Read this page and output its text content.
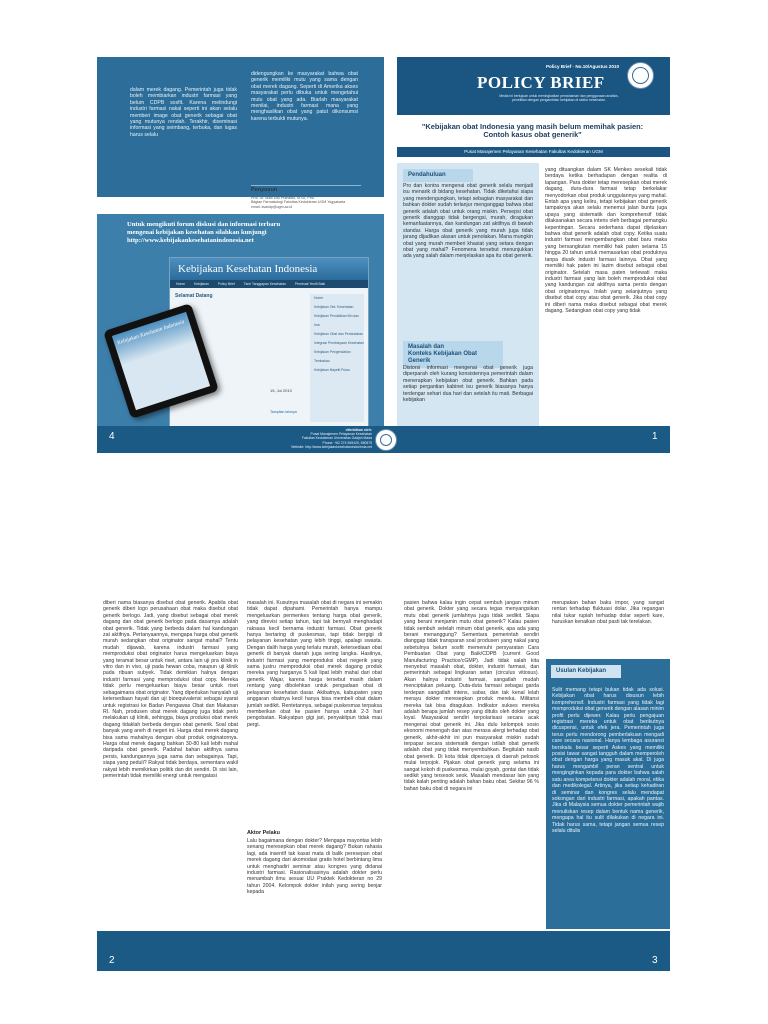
dalam merek dagang. Pemerintah juga tidak boleh membiarkan industri farmasi yang belum CDPB sosfit. Karena melindungi industri farmasi nakal seperti ini akan selalu memberi image obat generik sebagai obat yang mutunya rendah. Terakhir, diseminasi informasi yang seimbang, terbuka, dan lugas harus selalu
didengungkan ke masyarakat bahwa obat generik memiliki mutu yang sama dengan obat merek dagang. Seperti di Amerika akses masyarakat perlu dibuka untuk mengetahui mutu obat yang ada. Biarlah masyarakat menilai, industri farmasi mana yang menghasilkan obat yang patut dikonsumsi karena terbukti mutunya.
Penyusun
Prof. Dr. Iwan Dwi Prahasto, M.Sc, PhD
Bagian Farmakologi Fakultas Kedokteran UGM Yogyakarta
email: iwandp@ugm.ac.id
Untuk mengikuti forum diskusi dan informasi terbaru
mengenai kebijakan kesehatan silahkan kunjungi
http://www.kebijakankesehatanindonesia.net
Kebijakan Kesehatan Indonesia
Home	Kebijakan	Policy Brief	Tanri Tanggapan Kesehatan	Pembuat Yeniti Baik
Selamat Datang	Home
Kebijakan Obt. Kesehatan
Kebijakan Pendidikan Bin dan Ima
Kebijakan Obat dan Perlandatan
Integrasi Pembiayaan Kesehatan
Kebijakan Pengendalian Tembakau
Kebijakan Bapelit Pulau
15, Jul 2010
Tampilan lainnya
Kebijakan Kesehatan Indonesia
Policy Brief · No.10/Agustus 2010
POLICY BRIEF
Media ini bertujuan untuk meningkatkan pemahaman dan penggunaan analisis,
penelitian dengan pengambilan kebijakan di sektor kesehatan.
"Kebijakan obat Indonesia yang masih belum memihak pasien:
Contoh kasus obat generik"
Pusat Manajemen Pelayanan Kesehatan Fakultas Kedokteran UGM
Pendahuluan
Pro dan kontra mengenai obat generik selalu menjadi isu menarik di bidang kesehatan. Tidak diketahui siapa yang mendengungkan, tetapi sebagian masyarakat dan bahkan dokter sudah terlanjur menganggap bahwa obat generik adalah obat untuk orang miskin. Persepsi obat generik dianggap tidak bergengsi, murah, diragukan kemanfaatannya, dan kandungan zat aktifnya di bawah standar. Harga obat generik yang murah juga tidak jarang dijadikan alasan untuk penolakan. Mana mungkin obat yang murah memberi khasiat yang setara dengan obat yang mahal? Fenomena tersebut menunjukkan ada yang salah dalam menjelaskan apa itu obat generik.
Masalah dan
Konteks Kebijakan Obat Generik
Distorsi informasi mengenai obat generik juga diperparah oleh kurang konsistennya pemerintah dalam menerapkan kebijakan obat generik. Bahkan pada setiap pergantian kabinet isu generik biasanya hanya terdengar sehari dua hari dan setelah itu mati. Berbagai kebijakan
yang dituangkan dalam SK Menkes sesekali tidak berdaya ketika berhadapan dengan realita di lapangan. Para dokter tetap meresepkan obat merek dagang, dura-dura farmasi tetap berkelakar menyodorkan obat produk unggulannya yang mahal. Entah apa yang keliru, tetapi kebijakan obat generik tampaknya akan selalu menemui jalan buntu juga upaya yang sistematik dan komprehensif tidak dilaksanakan secara intens oleh berbagai pemangku kepentingan. Secara sederhana dapat dijelaskan bahwa obat generik adalah obat copy. Ketika suatu industri farmasi mengembangkan obat baru maka yang bersangkutan memiliki hak paten selama 15 hingga 20 tahun untuk memasarkan obat produknya tanpa diusik industri farmasi lainnya. Obat yang memiliki hak paten ini lazim disebut sebagai obat originator. Setelah masa paten terlewati maka industri farmasi yang lain boleh memproduksi obat yang kandungan zat aktifnya sama persis dengan obat originatornya. Inilah yang selanjutnya yang disebut obat copy atau obat generik. Jika obat copy ini diberi nama maka disebut sebagai obat merek dagang. Sedangkan obat copy yang tidak
4	1
diterbitkan oleh:
Pusat Manajemen Pelayanan Kesehatan
Fakultas Kedokteran Universitas Gadjah Mada
Phone: +62 274 549425, 580575
Website: http://www.kebijakankesehatanindonesia.net
diberi nama biasanya disebut obat generik. Apabila obat generik diberi logo perusahaan obat maka disebut obat generik berlogo. Jadi, yang disebut sebagai obat merek dagang dan obat generik berlogo pada dasarnya adalah obat generik. Tidak yang berbeda dalam hal kandungan zat aktifnya. Pertanyaannya, mengapa harga obat generik murah sedangkan obat originator sangat mahal? Tentu mudah dijawab, karena industri farmasi yang memproduksi obat originator harus mengeluarkan biaya yang teramat besar untuk riset, antara lain uji pra klinik in vitro dan in vivo, uji pada hewan coba, maupun uji klinik pada ribuan subyek. Tidak demikian halnya dengan industri farmasi yang memproduksi obat copy. Mereka tidak perlu mengeluarkan biaya besar untuk riset sebagaimana obat originator. Yang diperlukan hanyalah uji ketersediaan hayati dan uji bioequivalensi sebagai syarat untuk registrasi ke Badan Pengawas Obat dan Makanan RI. Nah, produsen obat merek dagang juga tidak perlu melakukan uji klinik, sehingga, biaya produksi obat merek dagang tidaklah berbeda dengan obat generik. Soal obat banyak yang aneh di negeri ini. Harga obat merek dagang bisa sama mahalnya dengan obat produk originatornya. Harga obat merek dagang bahkan 30-80 kali lebih mahal daripada obat generik. Padahal bahan aktifnya sama persis, kandungannya juga sama dan sebagainya. Tapi, siapa yang peduli? Rakyat tidak berdaya, sementara wakil rakyat lebih memikirkan politik dan diri sendiri. Di sisi lain, pemerintah tidak memiliki energi untuk mengatasi
masalah ini. Kusutnya masalah obat di negara ini semakin tidak dapat dipahami. Pemerintah hanya mampu mengeluarkan permenkes tentang harga obat generik, yang direvisi setiap tahun, tapi tak bernyali menghadapi raksasa kecil bernama industri farmasi. Obat generik hanya bertaring di puskesmas, tapi tidak bergigi di pelayanan kesehatan yang lebih tinggi, apalagi swasta. Dengan dalih harga yang terlalu murah, ketersediaan obat generik di banyak daerah juga sering langka. Hasilnya, industri farmasi yang memproduksi obat negerik yang sama justru memproduksi obat merek dagang produk mereka yang harganya 5 kali lipat lebih mahal dari obat generik. Wajar, karena harga tersebut masih dalam rentang yang dibolehkan untuk pengadaan obat di pelayanan kesehatan dasar. Akibatnya, kabupaten yang anggaran obatnya kecil hanya bisa membeli obat dalam jumlah sedikit. Rentetannya, sebagai puskesmas terpaksa memberikan obat ke pasien hanya untuk 2-3 hari pengobatan. Rakyatpun gigi jari, penyakitpun tidak mau pergi.
Aktor Pelaku
Lalu bagaimana dengan dokter? Mengapa mayoritas lebih senang meresepkan obat merek dagang? Bukan rahasia lagi, ada insentif tak kasat mata di balik peresepan obat merek dagang dari akomodasi gratis hotel berbintang lima untuk menghadiri seminar atau kongres yang didanai industri farmasi. Rasionalisasinya adalah dokter perlu menambah ilmu sesuai UU Praktek Kedokteran no 29 tahun 2004. Kelompok dokter inilah yang sering benjar kepada
pasien bahwa kalau ingin cepat sembuh jangan minum obat generik. Dokter yang secara tegas menyangsikan mutu obat generik jumlahnya juga tidak sedikit. Siapa yang berani menjamin mutu obat generik? Kalau pasien tidak sembuh setelah minum obat generik, apa ada yang berani menanggung? Sementara pemerintah sendiri dianggap tidak transparan soal produsen yang nakal yang sebetulnya belum sosfit memenuhi persyaratan Cara Pembuatan Obat yang Baik/CDPB (current Good Manufacturing Practice/cGMP). Jadi tidak salah kita menyebut masalah obat, dokter, industri farmasi, dan pemerintah sebagai lingkaran setan (circulus vitiosus). Akan halnya industri farmasi, sangatlah mudah menciptakan peluang. Duta-duta farmasi sebagai garda terdepan sangatlah intens, sabar, dan tak kenal lelah merayu dokter meresepkan produk mereka. Militansi mereka tak bisa diragukan. Indikator sukses mereka adalah berapa jumlah resep yang ditulis oleh dokter yang loyal. Masyarakat sendiri terpolarisasi secara acak mengenai obat generik ini. Jika dulu kelompok sosio ekonomi menengah dan atas merasa alergi terhadap obat generik, akhir-akhir ini pun masyarakat miskin sudah terpapar secara sistematik dengan istilah obat generik adalah obat yang tidak menyembuhkan. Begitulah nasib obat generik. Di kota tidak dipercaya di daerah pelosok mulai terpojok. Pijakan obat generik yang selama ini sangat kokoh di puskesmas, mulai goyah, gontai dan tidak sedikit yang tersesok seok. Masalah mendasar lain yang tidak kalah penting adalah bahan baku obat. Sekitar 96 % bahan baku obat di negara ini
merupakan bahan baku impor, yang sangat rentan terhadap fluktuasi dolar. Jika regangan nilai tukar rupiah terhadap dolar seperti kare, haruskan kenaikan obat pasti tak terelakan.
Usulan Kebijakan
Sulit memang tetapi bukan tidak ada solusi. Kebijakan obat harus disusun lebih komprehensif. Industri farmasi yang tidak lagi memproduksi obat generik dengan alasan minim profit perlu dijewer. Kalau perlu pengajuan registrasi mereka untuk obat berikutnya dicuspensi, untuk efek jera. Pemerintah juga terus perlu mendorong pemberlakuan mengadi care secara nasional. Hanya lembaga asuransi berskala besar seperti Askes yang memiliki posisi tawar sangat tangguh dalam memperoleh obat dengan harga yang masuk akal. Di juga harus mengambil peran sentral untuk menginginkan kepada para dokter bahwa salah satu area kompetensi dokter adalah moral, etika dan medikolegal. Artinya, jika setiap kehadiran di seminar dan kongres selalu mendapat sokongan dari industri farmasi, apakah pantas. Jika di Malaysia semua dokter pemerintah wajib menuliskan resep dalam bentuk nama generik, mengapa hal itu sulit dilakukan di negara ini. Tidak harus sama, tetapi jangan semua resep selalu ditulis
2	3
